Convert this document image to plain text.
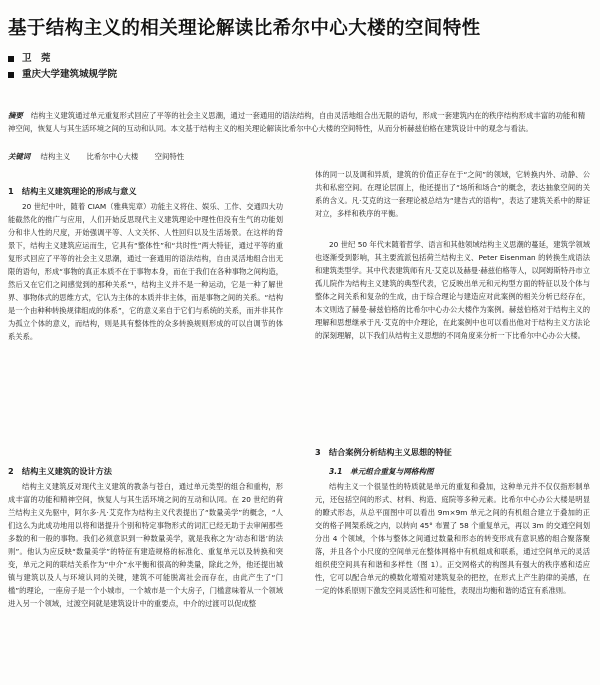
基于结构主义的相关理论解读比希尔中心大楼的空间特性
卫　莞
重庆大学建筑城规学院
摘要 结构主义建筑通过单元重复形式回应了平等的社会主义思潮，通过一套通用的语法结构，自由灵活地组合出无限的语句，形成一套建筑内在的秩序结构形成丰富的功能和精神空间，恢复人与其生活环境之间的互动和认同。本文基于结构主义的相关理论解读比希尔中心大楼的空间特性，从而分析赫兹伯格在建筑设计中的观念与看法。
关键词 结构主义 比希尔中心大楼 空间特性
1　结构主义建筑理论的形成与意义

20 世纪中叶，随着 CIAM（雅典宪章）功能主义将住、娱乐、工作、交通四大功能截然化的推广与应用，人们开始反思现代主义建筑理论中理性但没有生气的功能划分和非人性的尺度，开始强调平等、人文关怀、人性回归以及生活场景。在这样的背景下，结构主义建筑应运而生，它具有“整体性”和“共时性”两大特征，通过平等的重复形式回应了平等的社会主义思潮，通过一套通用的语法结构，自由灵活地组合出无限的语句，形成“事物的真正本质不在于事物本身，而在于我们在各种事物之间构造，然后又在它们之间感觉到的那种关系”¹，结构主义并不是一种运动，它是一种了解世界、事物体式的思维方式，它认为主体的本质并非主体，而是事物之间的关系。“结构是一个由种种转换规律组成的体系”，它的意义来自于它们与系统的关系，而并非其作为孤立个体的意义，而结构，则是具有整体性的众多转换规则形成的可以自调节的体系关系。

2　结构主义建筑的设计方法

结构主义建筑反对现代主义建筑的教条与苍白，通过单元类型的组合和重构，形成丰富的功能和精神空间，恢复人与其生活环境之间的互动和认同。在 20 世纪的荷兰结构主义先驱中，阿尔多·凡·艾克作为结构主义代表提出了“数量美学”的概念，“人们这么为此成功地用以将和谐提升个别和特定事物形式的词汇已经无助于去审阐那些多数的和一般的事物。我们必须意识到一种数量美学，就是我称之为‘动态和谐’的法则”。他认为应反映“数量美学”的特征有建造规格的标准化、重复单元以及转换和突变，单元之间的联结关系作为“中介”水平衡和很高的种类量，除此之外，他还提出城镇与建筑以及人与环境认同的关键，建筑不可能脱离社会而存在，由此产生了“门槛”的理论，一座房子是一个小城市，一个城市是一个大房子，门槛意味着从一个领域进入另一个领域，过渡空间就是建筑设计中的重要点，中介的过渡可以促成整

体的同一以及调和异质，建筑的价值正存在于“之间”的领域，它转换内外、动静、公共和私密空间。在理论层面上，他还提出了“场所和场合”的概念，表达抽象空间的关系的含义。凡·艾克的这一套理论被总结为“建告式的语构”，表达了建筑关系中的辩证对立，多样和秩序的平衡。

20 世纪 50 年代末随着哲学、语言和其他领域结构主义思潮的蔓延，建筑学领域也逐渐受到影响，其主要流派包括荷兰结构主义、Peter Eisenman 的转换生成语法和建筑类型学。其中代表建筑师有凡·艾克以及赫曼·赫兹伯格等人，以阿姆斯特丹市立孤儿院作为结构主义建筑的典型代表，它反映出单元和元构型方面的特征以及个体与整体之间关系和复杂的生成，由于综合理论与建造应对此案例的相关分析已经存在，本文则选了赫曼·赫兹伯格的比希尔中心办公大楼作为案例。赫兹伯格对于结构主义的理解和思想继承于凡·艾克的中介理论，在此案例中也可以看出他对于结构主义方法论的深刻理解，以下我们从结构主义思想的不同角度来分析一下比希尔中心办公大楼。

3　结合案例分析结构主义思想的特征
3.1　单元组合重复与网格构图

结构主义一个很显性的特质就是单元的重复和叠加，这种单元并不仅仅指形制单元，还包括空间的形式、材料、构造、庭院等多种元素。比希尔中心办公大楼是明显的瞭式形态，从总平面图中可以看出 9m×9m 单元之间的有机组合建立于叠加的正交的格子网架系统之内，以转向 45° 布置了 58 个重复单元，再以 3m 的交通空间划分出 4 个领域，个体与整体之间通过数量和形态的转变形成有意识感的组合聚落聚落，并且各个小尺度的空间单元在整体网格中有机组成和联系，通过空间单元的灵活组织使空间具有和谐和多样性（图 1）。正交网格式的构图具有强大的秩序感和适应性，它可以配合单元的模数化增殖对建筑复杂的把控，在形式上产生韵律的美感，在一定的体系原则下激发空间灵活性和可能性，表现出均衡和谐的适宜有系准则。
